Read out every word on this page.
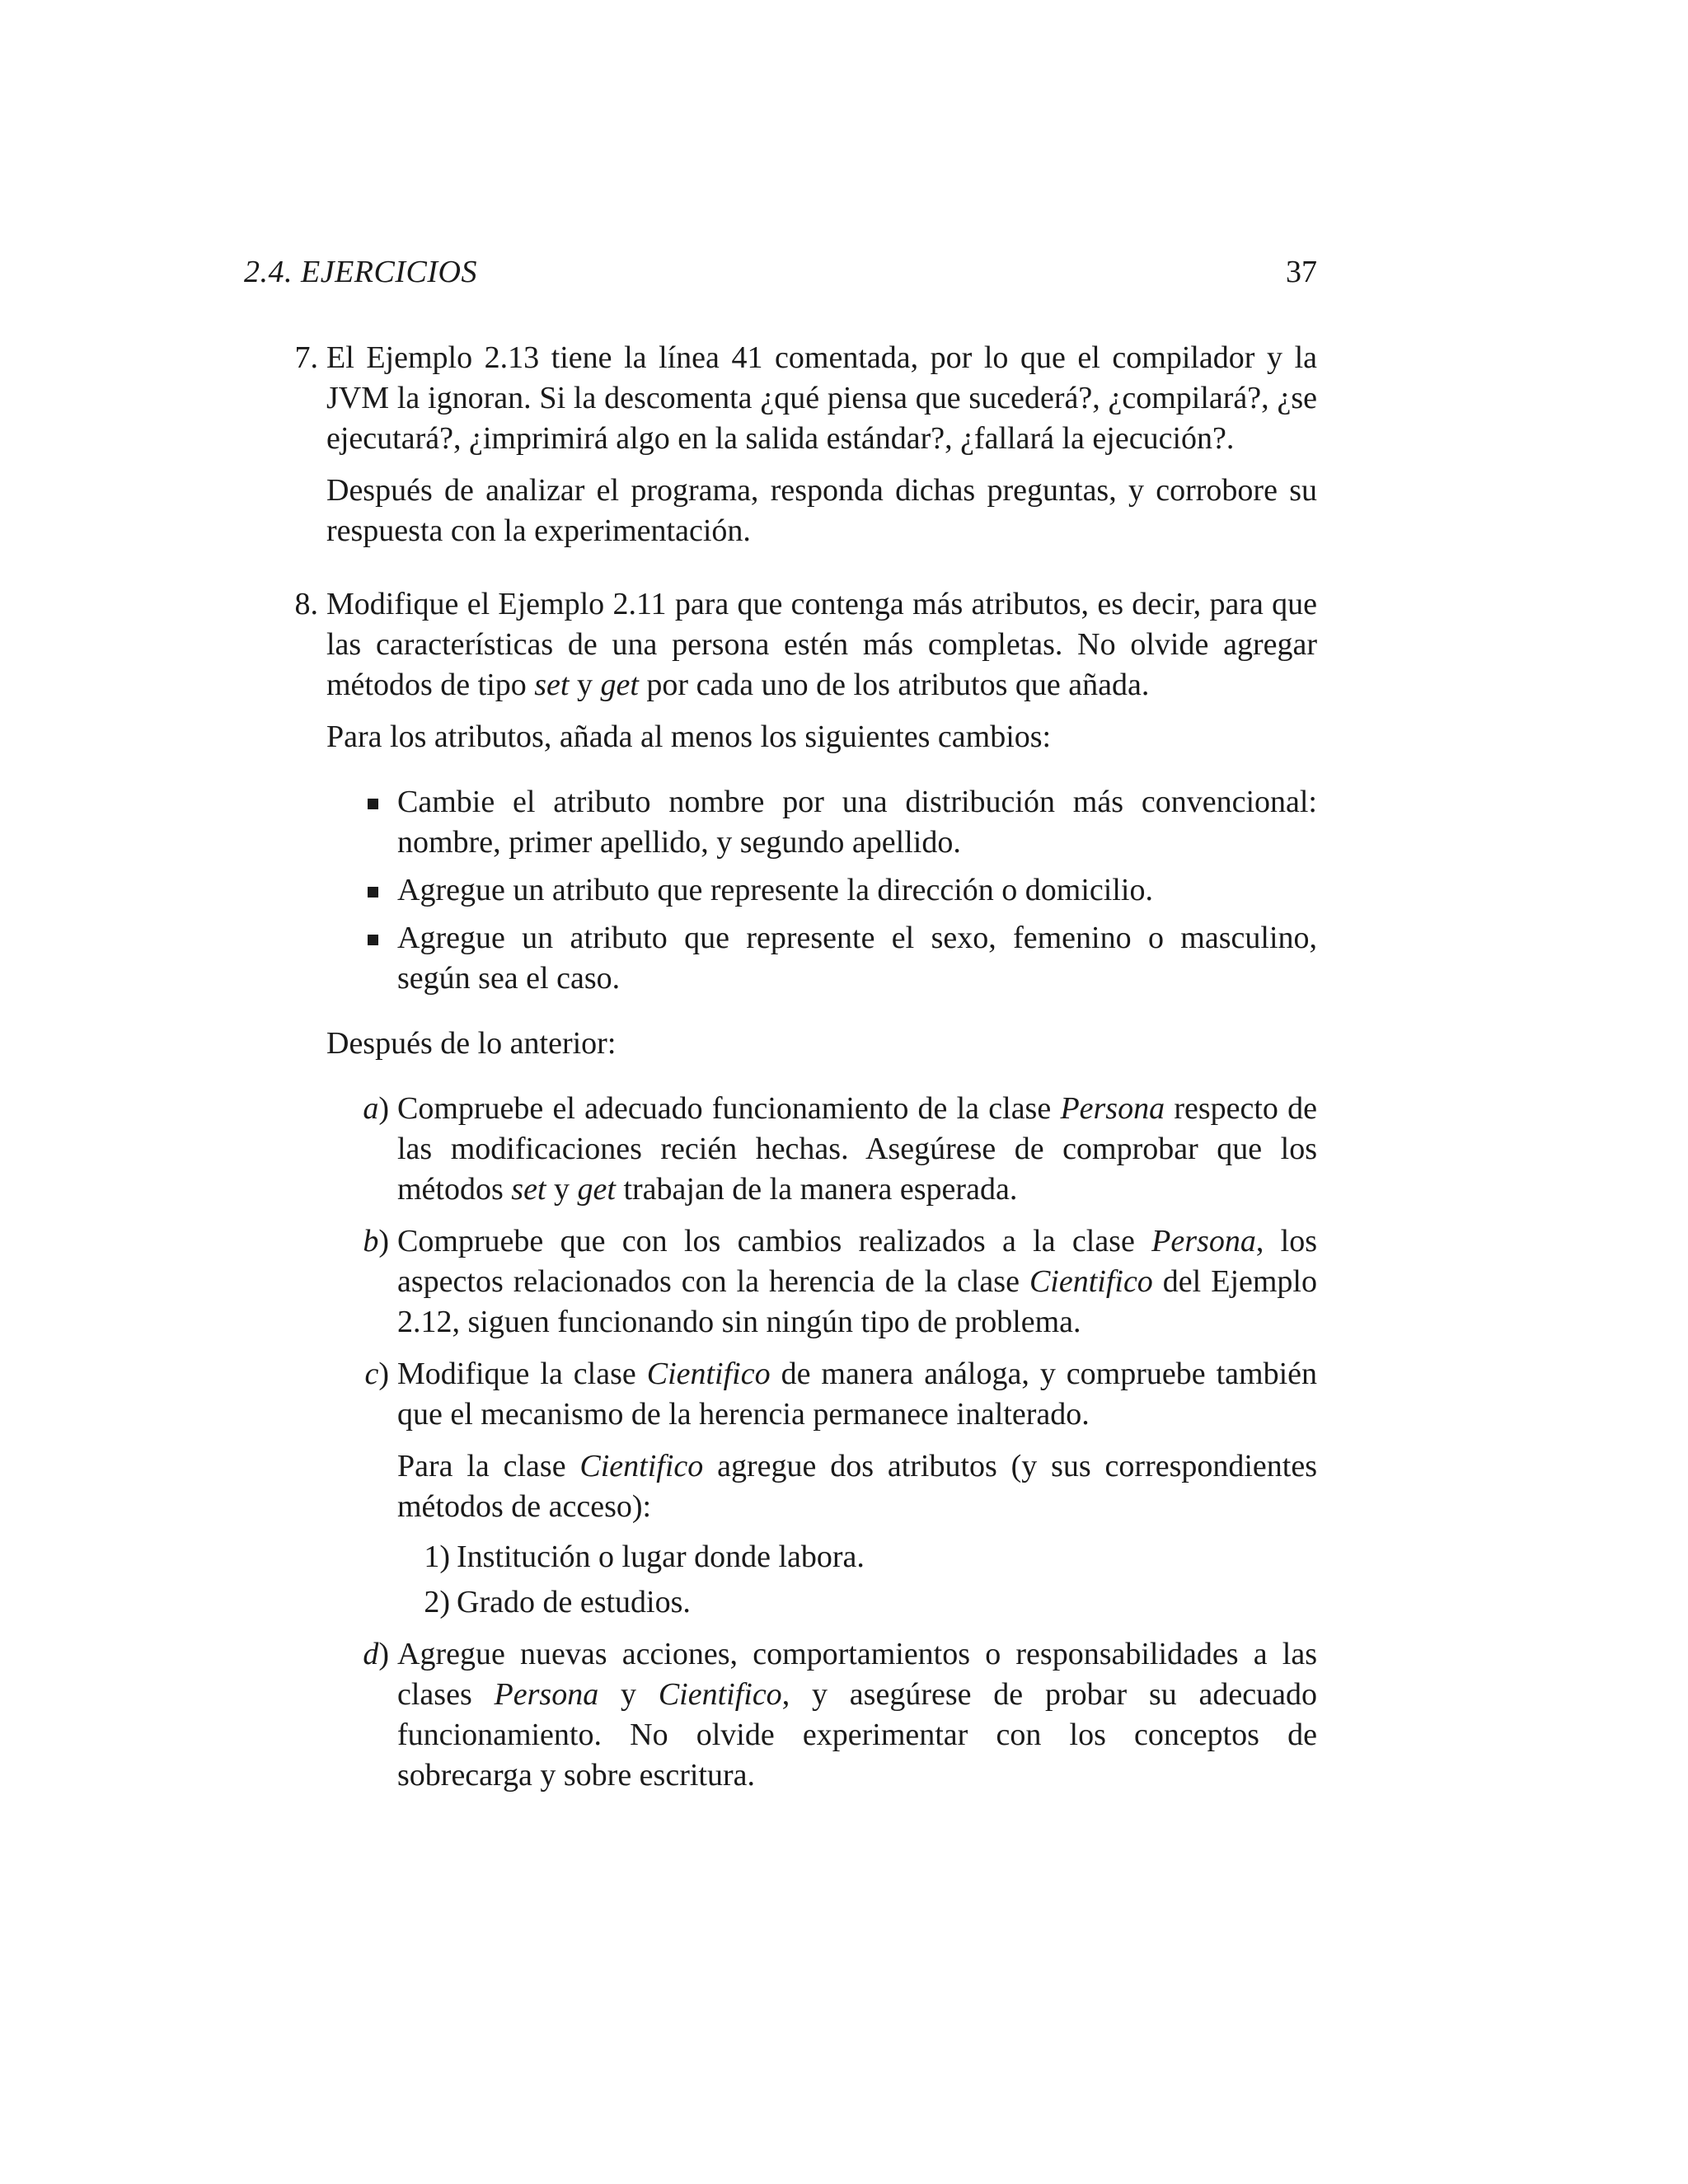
2.4. EJERCICIOS	37
7. El Ejemplo 2.13 tiene la línea 41 comentada, por lo que el compilador y la JVM la ignoran. Si la descomenta ¿qué piensa que sucederá?, ¿compilará?, ¿se ejecutará?, ¿imprimirá algo en la salida estándar?, ¿fallará la ejecución?.

Después de analizar el programa, responda dichas preguntas, y corrobore su respuesta con la experimentación.

8. Modifique el Ejemplo 2.11 para que contenga más atributos, es decir, para que las características de una persona estén más completas. No olvide agregar métodos de tipo set y get por cada uno de los atributos que añada.

Para los atributos, añada al menos los siguientes cambios:

Cambie el atributo nombre por una distribución más convencional: nombre, primer apellido, y segundo apellido.

Agregue un atributo que represente la dirección o domicilio.

Agregue un atributo que represente el sexo, femenino o masculino, según sea el caso.

Después de lo anterior:

a) Compruebe el adecuado funcionamiento de la clase Persona respecto de las modificaciones recién hechas. Asegúrese de comprobar que los métodos set y get trabajan de la manera esperada.

b) Compruebe que con los cambios realizados a la clase Persona, los aspectos relacionados con la herencia de la clase Cientifico del Ejemplo 2.12, siguen funcionando sin ningún tipo de problema.

c) Modifique la clase Cientifico de manera análoga, y compruebe también que el mecanismo de la herencia permanece inalterado.

Para la clase Cientifico agregue dos atributos (y sus correspondientes métodos de acceso):

1) Institución o lugar donde labora.

2) Grado de estudios.

d) Agregue nuevas acciones, comportamientos o responsabilidades a las clases Persona y Cientifico, y asegúrese de probar su adecuado funcionamiento. No olvide experimentar con los conceptos de sobrecarga y sobre escritura.
